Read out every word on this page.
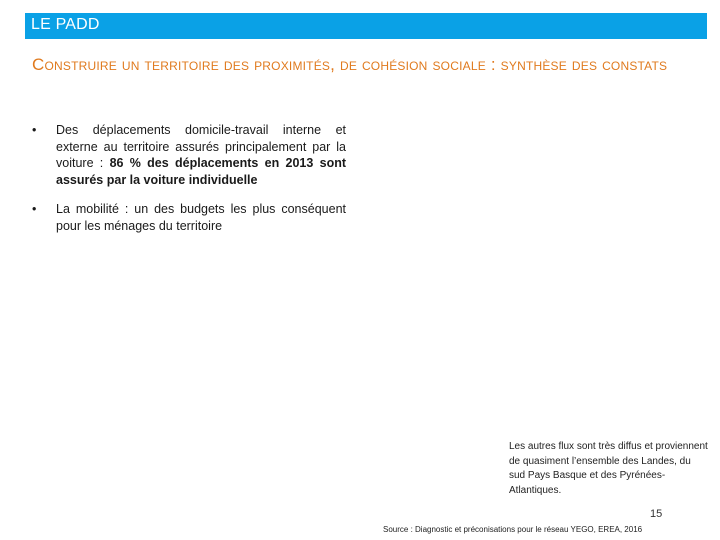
LE PADD
Construire un territoire des proximités, de cohésion sociale : synthèse des constats
• Des déplacements domicile-travail interne et externe au territoire assurés principalement par la voiture : 86 % des déplacements en 2013 sont assurés par la voiture individuelle
• La mobilité : un des budgets les plus conséquent pour les ménages du territoire
Les autres flux sont très diffus et proviennent de quasiment l’ensemble des Landes, du sud Pays Basque et des Pyrénées- Atlantiques.
15
Source : Diagnostic et préconisations pour le réseau YEGO, EREA, 2016
